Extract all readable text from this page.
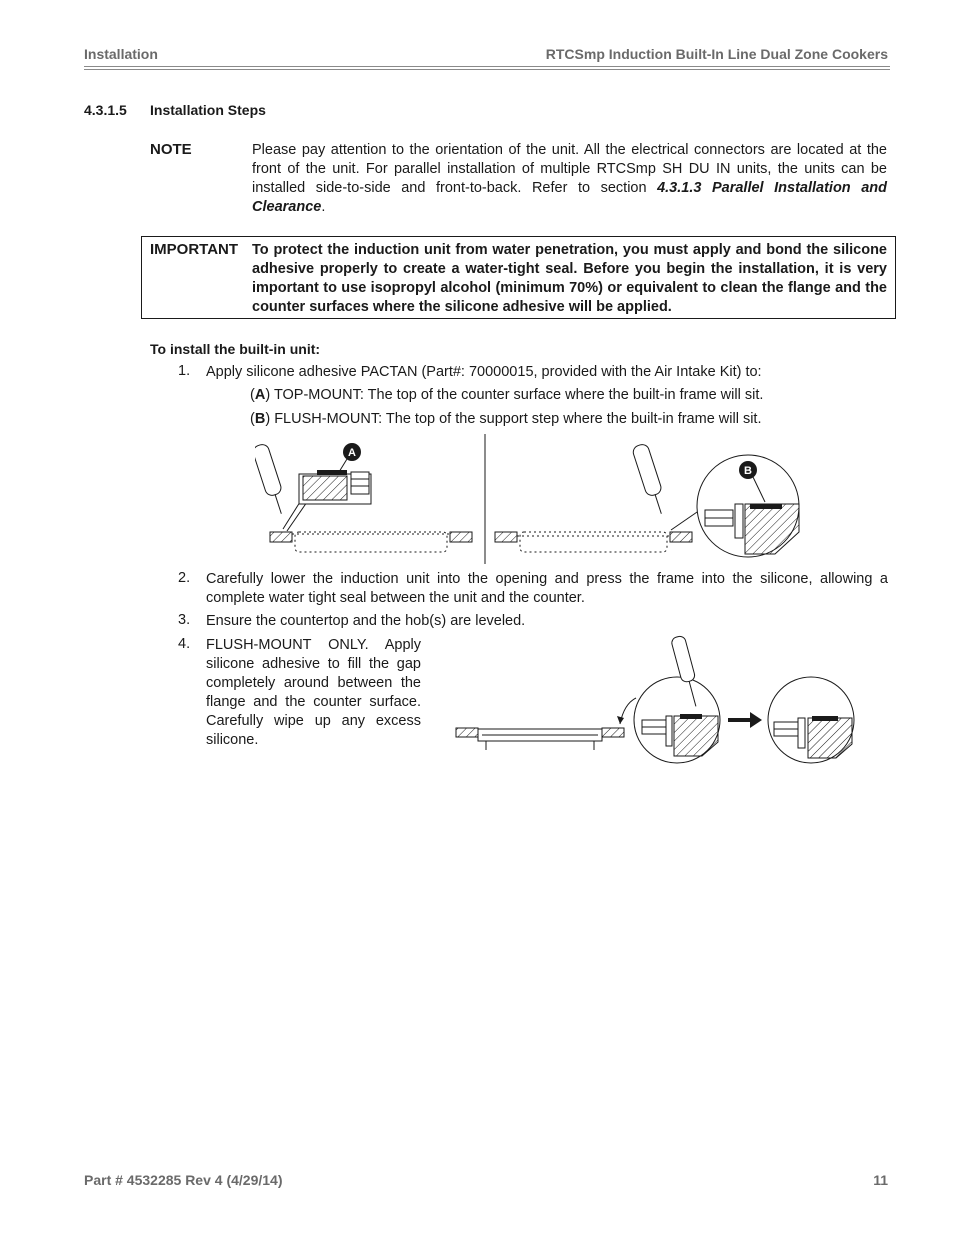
Installation	RTCSmp Induction Built-In Line Dual Zone Cookers
4.3.1.5 Installation Steps
NOTE	Please pay attention to the orientation of the unit. All the electrical connectors are located at the front of the unit. For parallel installation of multiple RTCSmp SH DU IN units, the units can be installed side-to-side and front-to-back. Refer to section 4.3.1.3 Parallel Installation and Clearance.
IMPORTANT To protect the induction unit from water penetration, you must apply and bond the silicone adhesive properly to create a water-tight seal. Before you begin the installation, it is very important to use isopropyl alcohol (minimum 70%) or equivalent to clean the flange and the counter surfaces where the silicone adhesive will be applied.
To install the built-in unit:
1. Apply silicone adhesive PACTAN (Part#: 70000015, provided with the Air Intake Kit) to:
(A) TOP-MOUNT: The top of the counter surface where the built-in frame will sit.
(B) FLUSH-MOUNT: The top of the support step where the built-in frame will sit.
A
B
2. Carefully lower the induction unit into the opening and press the frame into the silicone, allowing a complete water tight seal between the unit and the counter.
3. Ensure the countertop and the hob(s) are leveled.
4. FLUSH-MOUNT ONLY. Apply silicone adhesive to fill the gap completely around between the flange and the counter surface. Carefully wipe up any excess silicone.
Part # 4532285 Rev 4 (4/29/14)	11
